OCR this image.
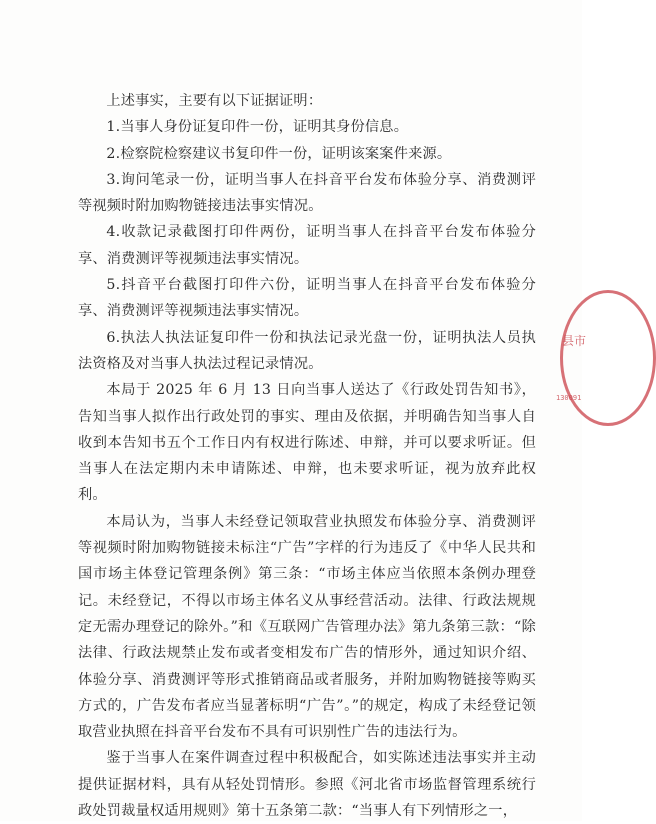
上述事实，主要有以下证据证明：

1.当事人身份证复印件一份，证明其身份信息。

2.检察院检察建议书复印件一份，证明该案案件来源。

3.询问笔录一份，证明当事人在抖音平台发布体验分享、消费测评等视频时附加购物链接违法事实情况。

4.收款记录截图打印件两份，证明当事人在抖音平台发布体验分享、消费测评等视频违法事实情况。

5.抖音平台截图打印件六份，证明当事人在抖音平台发布体验分享、消费测评等视频违法事实情况。

6.执法人执法证复印件一份和执法记录光盘一份，证明执法人员执法资格及对当事人执法过程记录情况。

本局于 2025 年 6 月 13 日向当事人送达了《行政处罚告知书》，告知当事人拟作出行政处罚的事实、理由及依据，并明确告知当事人自收到本告知书五个工作日内有权进行陈述、申辩，并可以要求听证。但当事人在法定期内未申请陈述、申辩，也未要求听证，视为放弃此权利。

本局认为，当事人未经登记领取营业执照发布体验分享、消费测评等视频时附加购物链接未标注“广告”字样的行为违反了《中华人民共和国市场主体登记管理条例》第三条：“市场主体应当依照本条例办理登记。未经登记，不得以市场主体名义从事经营活动。法律、行政法规规定无需办理登记的除外。”和《互联网广告管理办法》第九条第三款：“除法律、行政法规禁止发布或者变相发布广告的情形外，通过知识介绍、体验分享、消费测评等形式推销商品或者服务，并附加购物链接等购买方式的，广告发布者应当显著标明“广告”。”的规定，构成了未经登记领取营业执照在抖音平台发布不具有可识别性广告的违法行为。

鉴于当事人在案件调查过程中积极配合，如实陈述违法事实并主动提供证据材料，具有从轻处罚情形。参照《河北省市场监督管理系统行政处罚裁量权适用规则》第十五条第二款：“当事人有下列情形之一，

县市
130091
